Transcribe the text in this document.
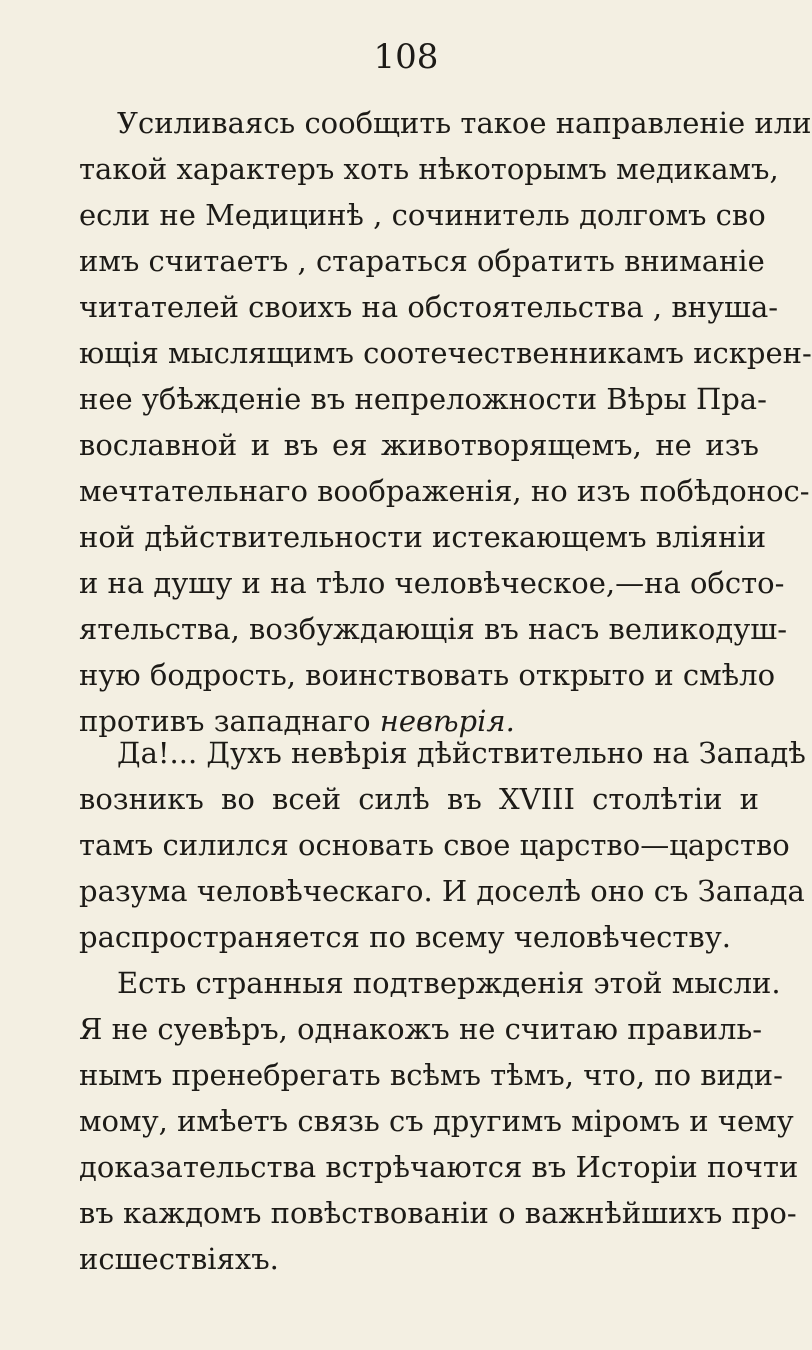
108
Усиливаясь сообщить такое направленіе или
такой характеръ хоть нѣкоторымъ медикамъ,
если не Медицинѣ , сочинитель долгомъ сво
имъ считаетъ , стараться обратить вниманіе
читателей своихъ на обстоятельства , внуша-
ющія мыслящимъ соотечественникамъ искрен-
нее убѣжденіе въ непреложности Вѣры Пра-
вославной и въ ея животворящемъ, не изъ
мечтательнаго воображенія, но изъ побѣдонос-
ной дѣйствительности истекающемъ вліяніи
и на душу и на тѣло человѣческое,—на обсто-
ятельства, возбуждающія въ насъ великодуш-
ную бодрость, воинствовать открыто и смѣло
противъ западнаго невѣрія.
Да!... Духъ невѣрія дѣйствительно на Западѣ
возникъ во всей силѣ въ XVIII столѣтіи и
тамъ силился основать свое царство—царство
разума человѣческаго. И доселѣ оно съ Запада
распространяется по всему человѣчеству.
Есть странныя подтвержденія этой мысли.
Я не суевѣръ, однакожъ не считаю правиль-
нымъ пренебрегать всѣмъ тѣмъ, что, по види-
мому, имѣетъ связь съ другимъ міромъ и чему
доказательства встрѣчаются въ Исторіи почти
въ каждомъ повѣствованіи о важнѣйшихъ про-
исшествіяхъ.
